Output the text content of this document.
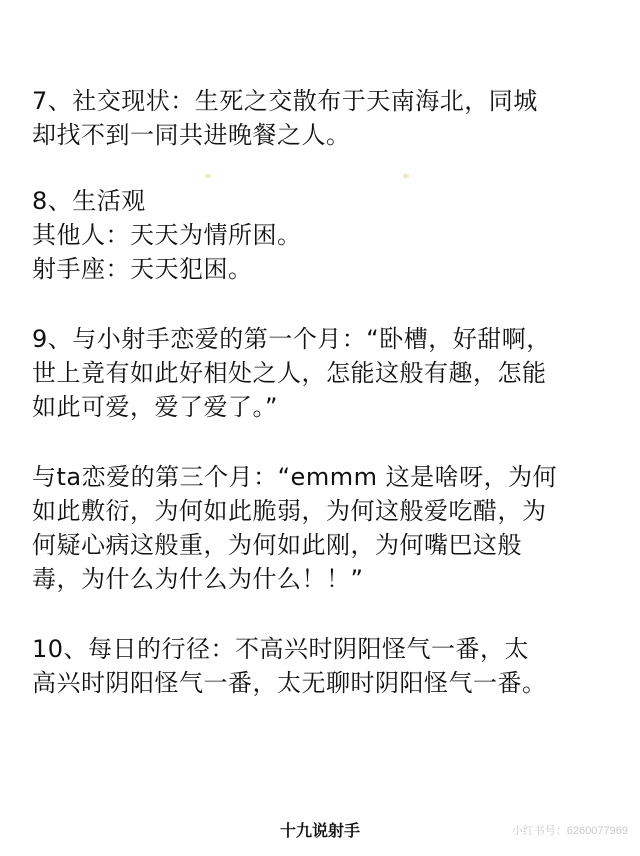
7、社交现状：生死之交散布于天南海北，同城
却找不到一同共进晚餐之人。
8、生活观
其他人：天天为情所困。
射手座：天天犯困。
9、与小射手恋爱的第一个月：“卧槽，好甜啊，
世上竟有如此好相处之人，怎能这般有趣，怎能
如此可爱，爱了爱了。”
与ta恋爱的第三个月：“emmm 这是啥呀，为何
如此敷衍，为何如此脆弱，为何这般爱吃醋，为
何疑心病这般重，为何如此刚，为何嘴巴这般
毒，为什么为什么为什么！！”
10、每日的行径：不高兴时阴阳怪气一番，太
高兴时阴阳怪气一番，太无聊时阴阳怪气一番。
十九说射手	小红书号：6260077969
